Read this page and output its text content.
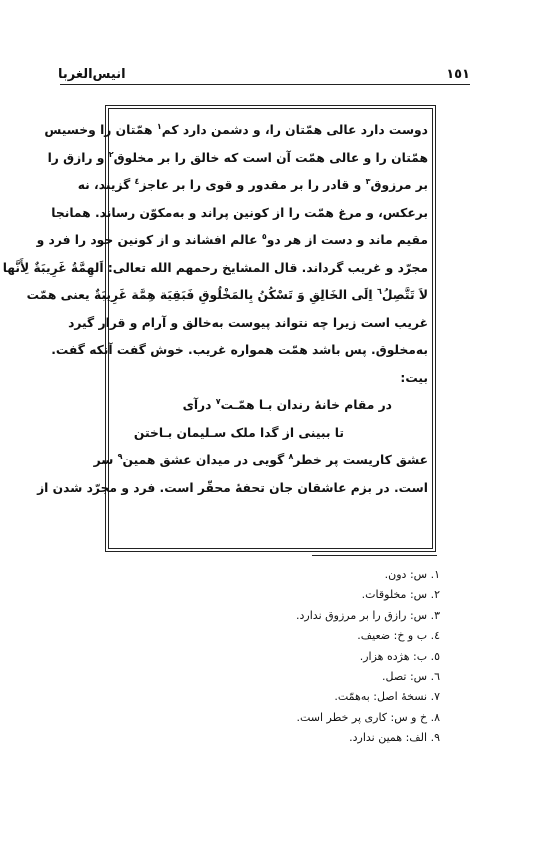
١٥١
انيس‌الغربا
دوست دارد عالی همّتان را، و دشمن دارد کم$^١$ همّتان را وخسیس
همّتان را و عالی همّت آن است که خالق را بر مخلوق$^٢$ و رازق را
بر مرزوق$^٣$ و قادر را بر مقدور و قوی را بر عاجز$^٤$ گزیند، نه
برعکس، و مرغ همّت را از کونین پراند و به‌مکوّن رساند. همانجا
مقیم ماند و دست از هر دو$^٥$ عالم افشاند و از کونین خود را فرد و
مجرّد و غریب گرداند. قال المشایخ رحمهم الله تعالی: اَلهِمَّةُ غَرِیبَةٌ لِأَنَّها
لاَ تَتَّصِلُ$^٦$ اِلَی الخَالِقِ وَ تَسْکُنُ بِالمَخْلُوقِ فَبَقِیَة هِمَّة غَرِیبَةٌ یعنی همّت
غریب است زیرا چه نتواند پیوست به‌خالق و آرام و قرار گیرد
به‌مخلوق. پس باشد همّت همواره غریب. خوش گفت آنکه گفت.
بیت:
در مقام خانهٔ رندان بـا همّـت$^٧$ درآی
تا ببینی از گدا ملک سـلیمان بـاختن
عشق کاریست پر خطر$^٨$ گویی در میدان عشق همین$^٩$ سر
است. در بزم عاشقان جان تحفهٔ محقّر است. فرد و مجرّد شدن از
١. س: دون.
٢. س: مخلوقات.
٣. س: رازق را بر مرزوق ندارد.
٤. ب و خ: ضعیف.
٥. ب: هژده هزار.
٦. س: تصل.
٧. نسخهٔ اصل: به‌همّت.
٨. خ و س: کاری پر خطر است.
٩. الف: همین ندارد.
